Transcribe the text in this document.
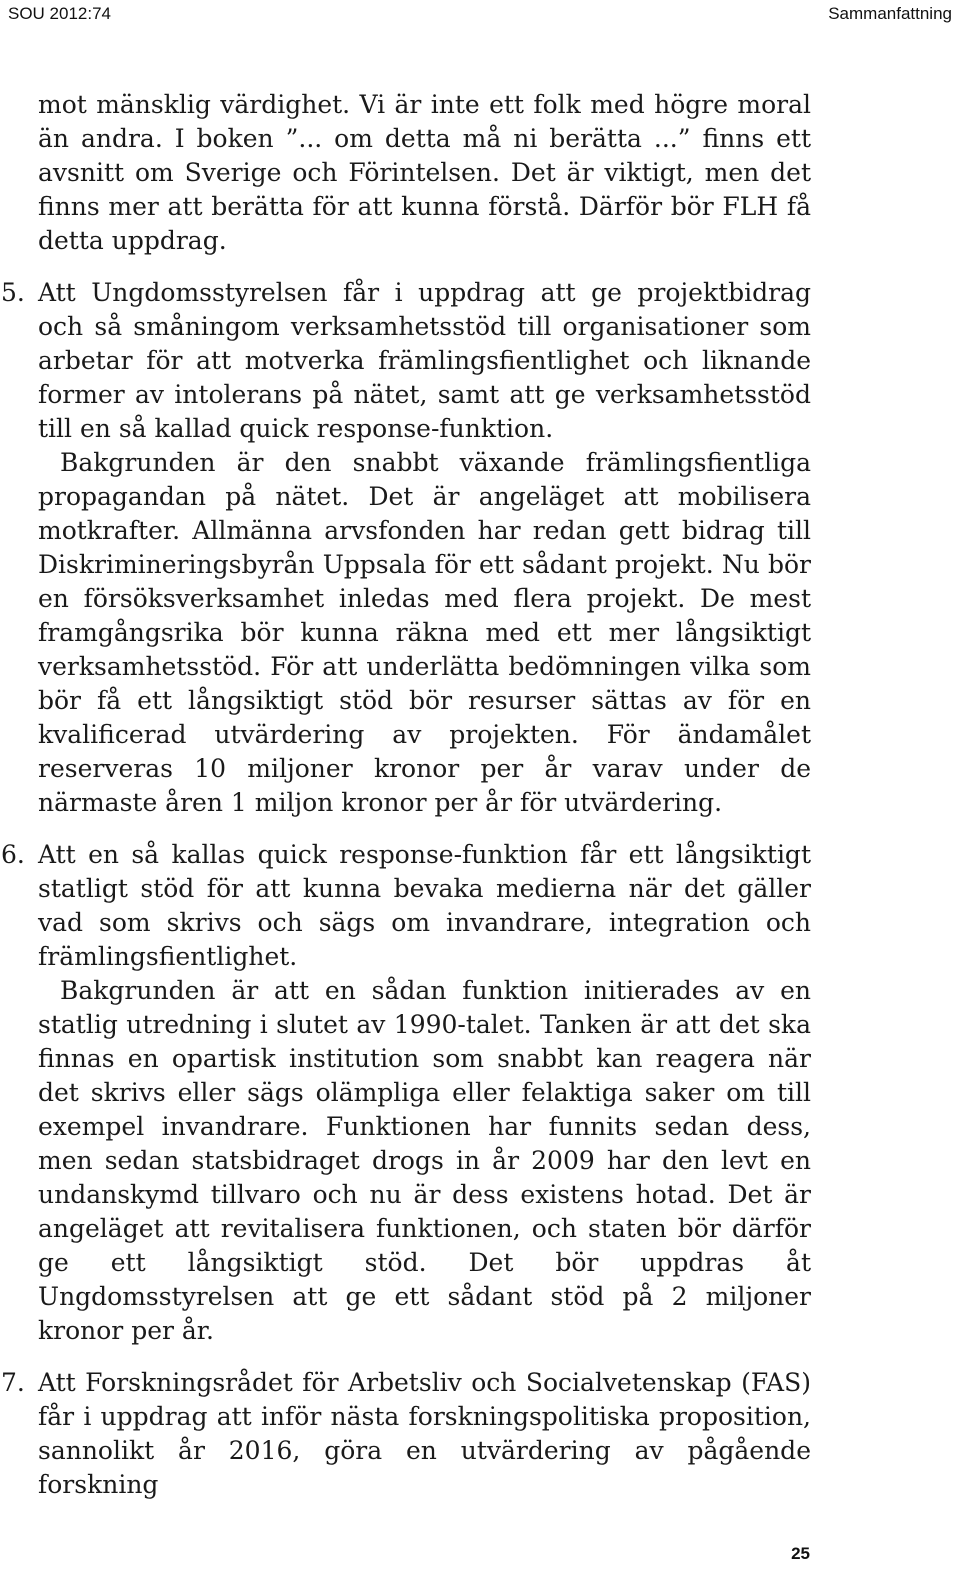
SOU 2012:74	Sammanfattning

mot mänsklig värdighet. Vi är inte ett folk med högre moral än andra. I boken ”... om detta må ni berätta ...” finns ett avsnitt om Sverige och Förintelsen. Det är viktigt, men det finns mer att berätta för att kunna förstå. Därför bör FLH få detta uppdrag.

5. Att Ungdomsstyrelsen får i uppdrag att ge projektbidrag och så småningom verksamhetsstöd till organisationer som arbetar för att motverka främlingsfientlighet och liknande former av intolerans på nätet, samt att ge verksamhetsstöd till en så kallad quick response-funktion.

Bakgrunden är den snabbt växande främlingsfientliga propagandan på nätet. Det är angeläget att mobilisera motkrafter. Allmänna arvsfonden har redan gett bidrag till Diskrimineringsbyrån Uppsala för ett sådant projekt. Nu bör en försöksverksamhet inledas med flera projekt. De mest framgångsrika bör kunna räkna med ett mer långsiktigt verksamhetsstöd. För att underlätta bedömningen vilka som bör få ett långsiktigt stöd bör resurser sättas av för en kvalificerad utvärdering av projekten. För ändamålet reserveras 10 miljoner kronor per år varav under de närmaste åren 1 miljon kronor per år för utvärdering.

6. Att en så kallas quick response-funktion får ett långsiktigt statligt stöd för att kunna bevaka medierna när det gäller vad som skrivs och sägs om invandrare, integration och främlingsfientlighet.

Bakgrunden är att en sådan funktion initierades av en statlig utredning i slutet av 1990-talet. Tanken är att det ska finnas en opartisk institution som snabbt kan reagera när det skrivs eller sägs olämpliga eller felaktiga saker om till exempel invandrare. Funktionen har funnits sedan dess, men sedan statsbidraget drogs in år 2009 har den levt en undanskymd tillvaro och nu är dess existens hotad. Det är angeläget att revitalisera funktionen, och staten bör därför ge ett långsiktigt stöd. Det bör uppdras åt Ungdomsstyrelsen att ge ett sådant stöd på 2 miljoner kronor per år.

7. Att Forskningsrådet för Arbetsliv och Socialvetenskap (FAS) får i uppdrag att inför nästa forskningspolitiska proposition, sannolikt år 2016, göra en utvärdering av pågående forskning

25
